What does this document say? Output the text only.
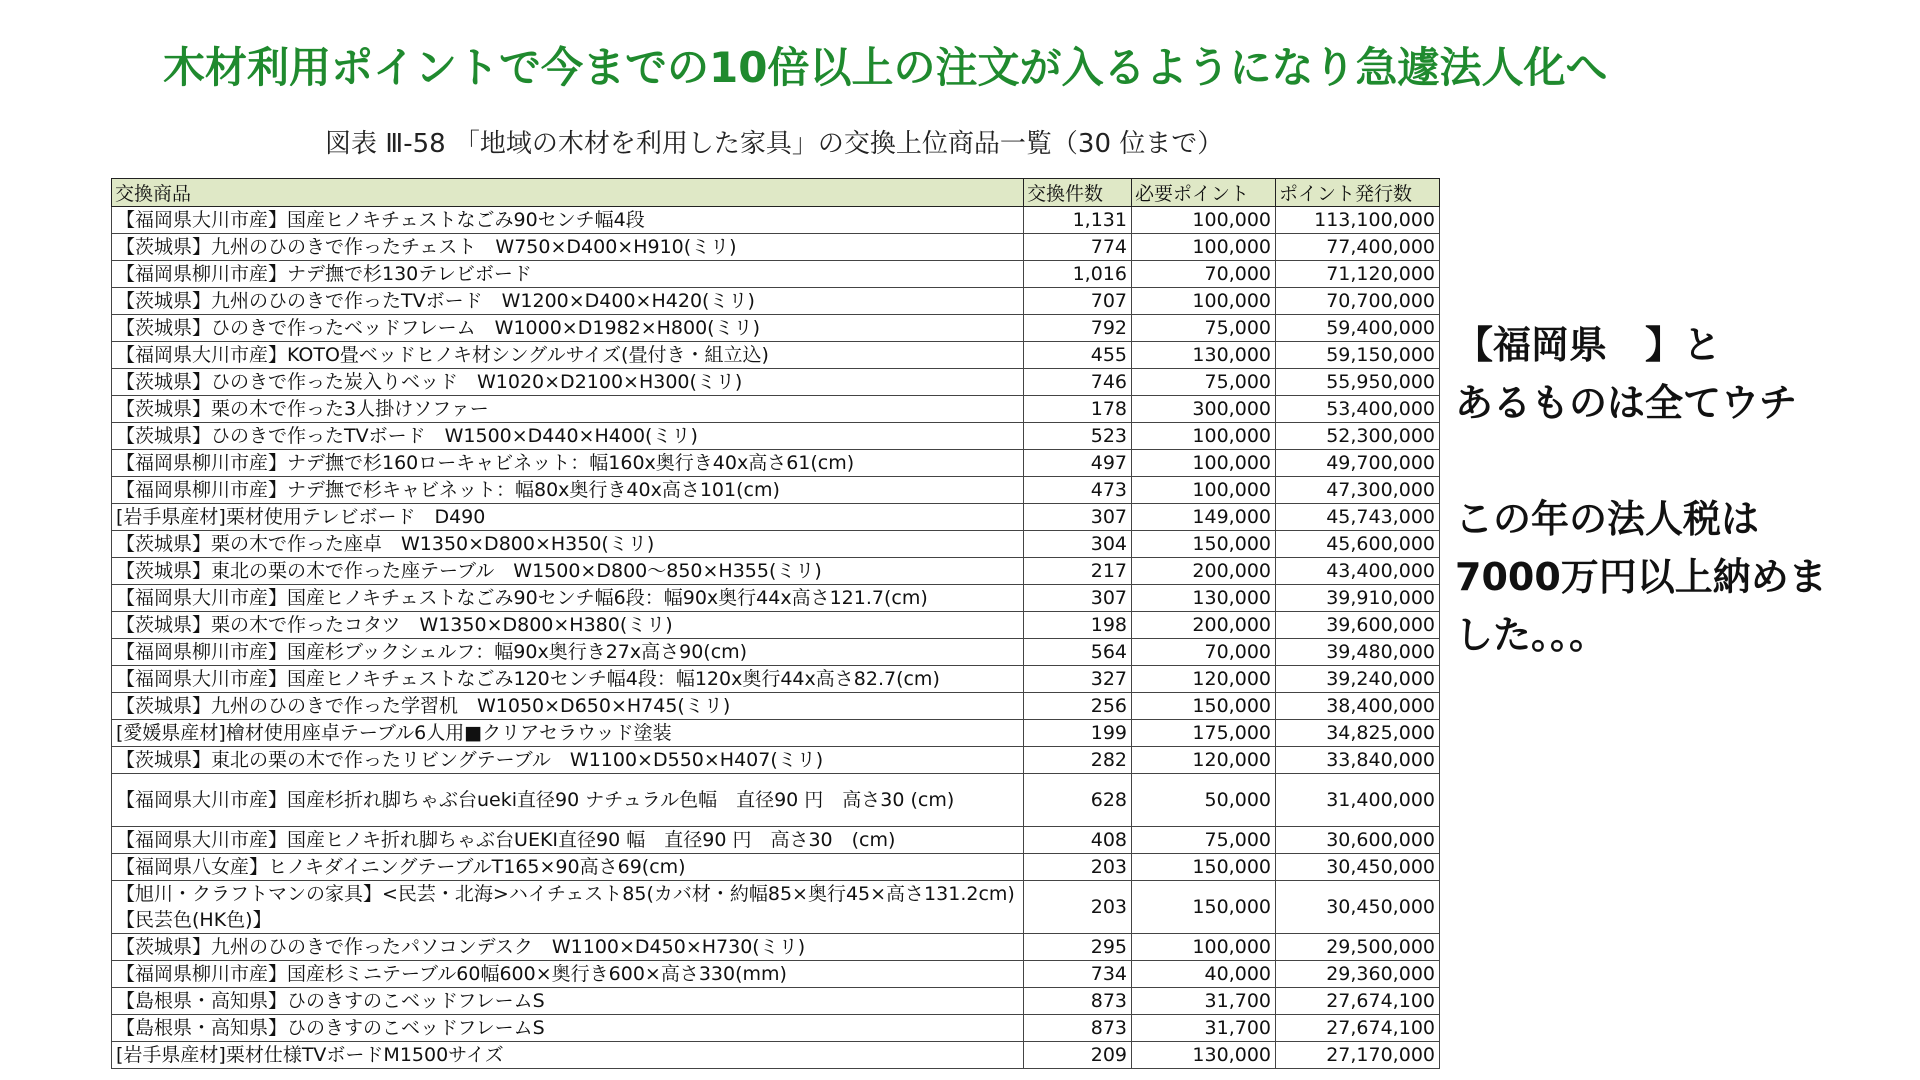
木材利用ポイントで今までの10倍以上の注文が入るようになり急遽法人化へ
図表 Ⅲ-58 「地域の木材を利用した家具」の交換上位商品一覧（30 位まで）
交換商品	交換件数	必要ポイント	ポイント発行数
【福岡県大川市産】国産ヒノキチェストなごみ90センチ幅4段	1,131	100,000	113,100,000
【茨城県】九州のひのきで作ったチェスト　W750×D400×H910(ミリ)	774	100,000	77,400,000
【福岡県柳川市産】ナデ撫で杉130テレビボード	1,016	70,000	71,120,000
【茨城県】九州のひのきで作ったTVボード　W1200×D400×H420(ミリ)	707	100,000	70,700,000
【茨城県】ひのきで作ったベッドフレーム　W1000×D1982×H800(ミリ)	792	75,000	59,400,000
【福岡県大川市産】KOTO畳ベッドヒノキ材シングルサイズ(畳付き・組立込)	455	130,000	59,150,000
【茨城県】ひのきで作った炭入りベッド　W1020×D2100×H300(ミリ)	746	75,000	55,950,000
【茨城県】栗の木で作った3人掛けソファー	178	300,000	53,400,000
【茨城県】ひのきで作ったTVボード　W1500×D440×H400(ミリ)	523	100,000	52,300,000
【福岡県柳川市産】ナデ撫で杉160ローキャビネット：幅160x奥行き40x高さ61(cm)	497	100,000	49,700,000
【福岡県柳川市産】ナデ撫で杉キャビネット：幅80x奥行き40x高さ101(cm)	473	100,000	47,300,000
[岩手県産材]栗材使用テレビボード　D490	307	149,000	45,743,000
【茨城県】栗の木で作った座卓　W1350×D800×H350(ミリ)	304	150,000	45,600,000
【茨城県】東北の栗の木で作った座テーブル　W1500×D800～850×H355(ミリ)	217	200,000	43,400,000
【福岡県大川市産】国産ヒノキチェストなごみ90センチ幅6段：幅90x奥行44x高さ121.7(cm)	307	130,000	39,910,000
【茨城県】栗の木で作ったコタツ　W1350×D800×H380(ミリ)	198	200,000	39,600,000
【福岡県柳川市産】国産杉ブックシェルフ：幅90x奥行き27x高さ90(cm)	564	70,000	39,480,000
【福岡県大川市産】国産ヒノキチェストなごみ120センチ幅4段：幅120x奥行44x高さ82.7(cm)	327	120,000	39,240,000
【茨城県】九州のひのきで作った学習机　W1050×D650×H745(ミリ)	256	150,000	38,400,000
[愛媛県産材]檜材使用座卓テーブル6人用■クリアセラウッド塗装	199	175,000	34,825,000
【茨城県】東北の栗の木で作ったリビングテーブル　W1100×D550×H407(ミリ)	282	120,000	33,840,000
【福岡県大川市産】国産杉折れ脚ちゃぶ台ueki直径90 ナチュラル色幅　直径90 円　高さ30 (cm)	628	50,000	31,400,000
【福岡県大川市産】国産ヒノキ折れ脚ちゃぶ台UEKI直径90 幅　直径90 円　高さ30　(cm)	408	75,000	30,600,000
【福岡県八女産】ヒノキダイニングテーブルT165×90高さ69(cm)	203	150,000	30,450,000
【旭川・クラフトマンの家具】<民芸・北海>ハイチェスト85(カバ材・約幅85×奥行45×高さ131.2cm)【民芸色(HK色)】	203	150,000	30,450,000
【茨城県】九州のひのきで作ったパソコンデスク　W1100×D450×H730(ミリ)	295	100,000	29,500,000
【福岡県柳川市産】国産杉ミニテーブル60幅600×奥行き600×高さ330(mm)	734	40,000	29,360,000
【島根県・高知県】ひのきすのこベッドフレームS	873	31,700	27,674,100
【島根県・高知県】ひのきすのこベッドフレームS	873	31,700	27,674,100
[岩手県産材]栗材仕様TVボードM1500サイズ	209	130,000	27,170,000
【福岡県　】と
あるものは全てウチ
この年の法人税は
7000万円以上納めま
した。。。
